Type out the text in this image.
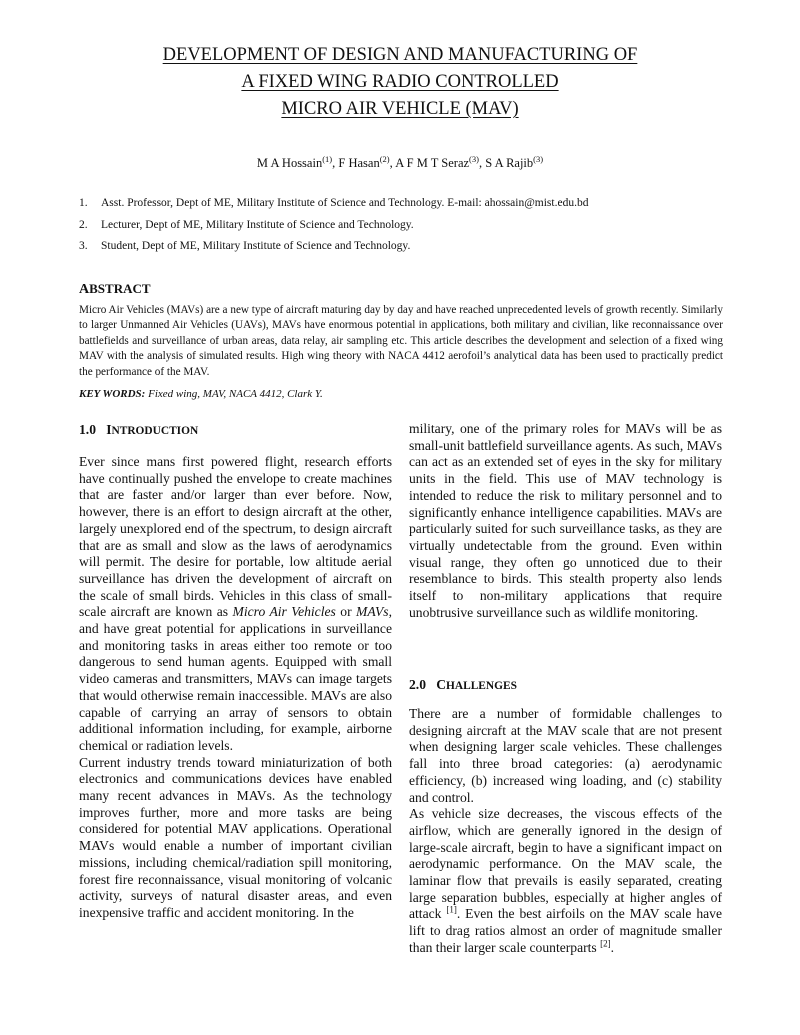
DEVELOPMENT OF DESIGN AND MANUFACTURING OF
A FIXED WING RADIO CONTROLLED
MICRO AIR VEHICLE (MAV)
M A Hossain$^{(1)}$, F Hasan$^{(2)}$, A F M T Seraz$^{(3)}$, S A Rajib$^{(3)}$
1.	Asst. Professor, Dept of ME, Military Institute of Science and Technology. E-mail: ahossain@mist.edu.bd
2.	Lecturer, Dept of ME, Military Institute of Science and Technology.
3.	Student, Dept of ME, Military Institute of Science and Technology.
ABSTRACT
Micro Air Vehicles (MAVs) are a new type of aircraft maturing day by day and have reached unprecedented levels of growth recently. Similarly to larger Unmanned Air Vehicles (UAVs), MAVs have enormous potential in applications, both military and civilian, like reconnaissance over battlefields and surveillance of urban areas, data relay, air sampling etc. This article describes the development and selection of a fixed wing MAV with the analysis of simulated results. High wing theory with NACA 4412 aerofoil’s analytical data has been used to practically predict the performance of the MAV.
KEY WORDS: Fixed wing, MAV, NACA 4412, Clark Y.
1.0 INTRODUCTION

Ever since mans first powered flight, research efforts have continually pushed the envelope to create machines that are faster and/or larger than ever before. Now, however, there is an effort to design aircraft at the other, largely unexplored end of the spectrum, to design aircraft that are as small and slow as the laws of aerodynamics will permit. The desire for portable, low altitude aerial surveillance has driven the development of aircraft on the scale of small birds. Vehicles in this class of small-scale aircraft are known as Micro Air Vehicles or MAVs, and have great potential for applications in surveillance and monitoring tasks in areas either too remote or too dangerous to send human agents. Equipped with small video cameras and transmitters, MAVs can image targets that would otherwise remain inaccessible. MAVs are also capable of carrying an array of sensors to obtain additional information including, for example, airborne chemical or radiation levels.

Current industry trends toward miniaturization of both electronics and communications devices have enabled many recent advances in MAVs. As the technology improves further, more and more tasks are being considered for potential MAV applications. Operational MAVs would enable a number of important civilian missions, including chemical/radiation spill monitoring, forest fire reconnaissance, visual monitoring of volcanic activity, surveys of natural disaster areas, and even inexpensive traffic and accident monitoring. In the

military, one of the primary roles for MAVs will be as small-unit battlefield surveillance agents. As such, MAVs can act as an extended set of eyes in the sky for military units in the field. This use of MAV technology is intended to reduce the risk to military personnel and to significantly enhance intelligence capabilities. MAVs are particularly suited for such surveillance tasks, as they are virtually undetectable from the ground. Even within visual range, they often go unnoticed due to their resemblance to birds. This stealth property also lends itself to non-military applications that require unobtrusive surveillance such as wildlife monitoring.

2.0 CHALLENGES

There are a number of formidable challenges to designing aircraft at the MAV scale that are not present when designing larger scale vehicles. These challenges fall into three broad categories: (a) aerodynamic efficiency, (b) increased wing loading, and (c) stability and control.

As vehicle size decreases, the viscous effects of the airflow, which are generally ignored in the design of large-scale aircraft, begin to have a significant impact on aerodynamic performance. On the MAV scale, the laminar flow that prevails is easily separated, creating large separation bubbles, especially at higher angles of attack [1]. Even the best airfoils on the MAV scale have lift to drag ratios almost an order of magnitude smaller than their larger scale counterparts [2].
